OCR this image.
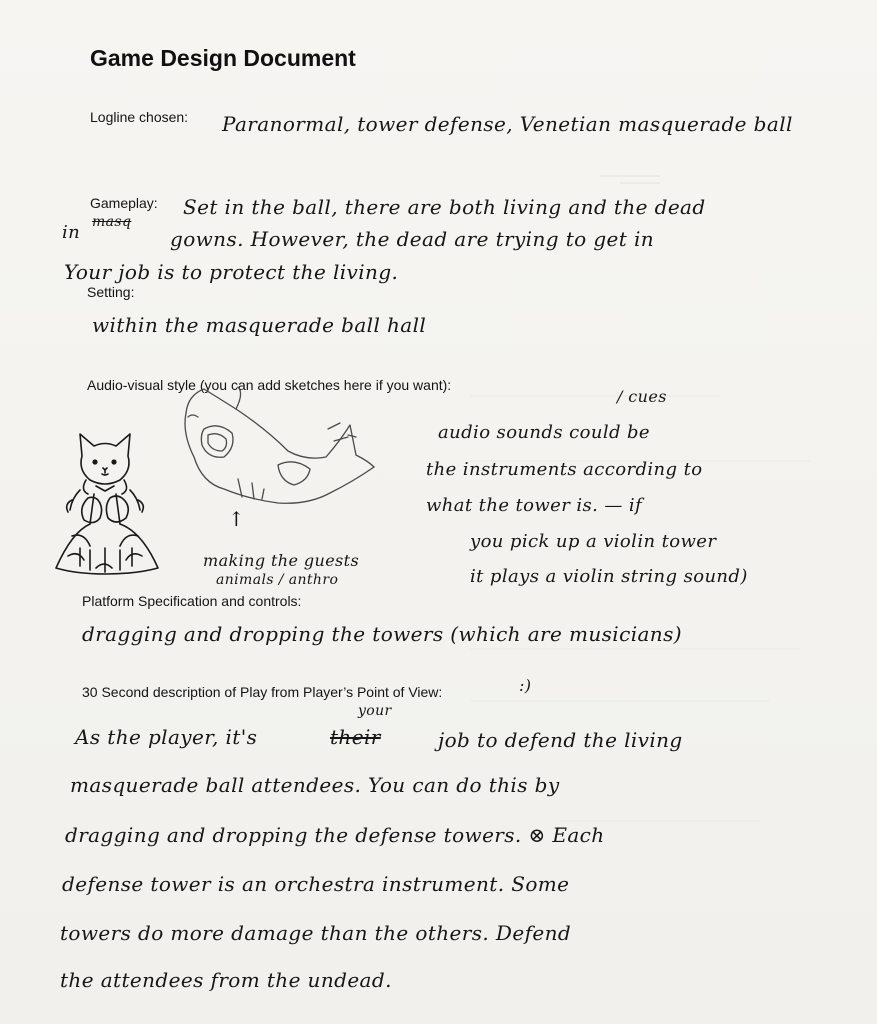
Game Design Document
Logline chosen: Paranormal, tower defense, Venetian masquerade ball
Gameplay: Set in the ball, there are both living and the dead
in masq
gowns. However, the dead are trying to get in
Your job is to protect the living.
Setting:
within the masquerade ball hall
Audio-visual style (you can add sketches here if you want):
↑
making the guests
animals / anthro
/ cues
audio sounds could be
the instruments according to
what the tower is. — if
you pick up a violin tower
it plays a violin string sound)
Platform Specification and controls:
dragging and dropping the towers (which are musicians)
30 Second description of Play from Player’s Point of View:	:)
your
As the player, it's	their	job to defend the living
masquerade ball attendees. You can do this by
dragging and dropping the defense towers. ⊗ Each
defense tower is an orchestra instrument. Some
towers do more damage than the others. Defend
the attendees from the undead.
